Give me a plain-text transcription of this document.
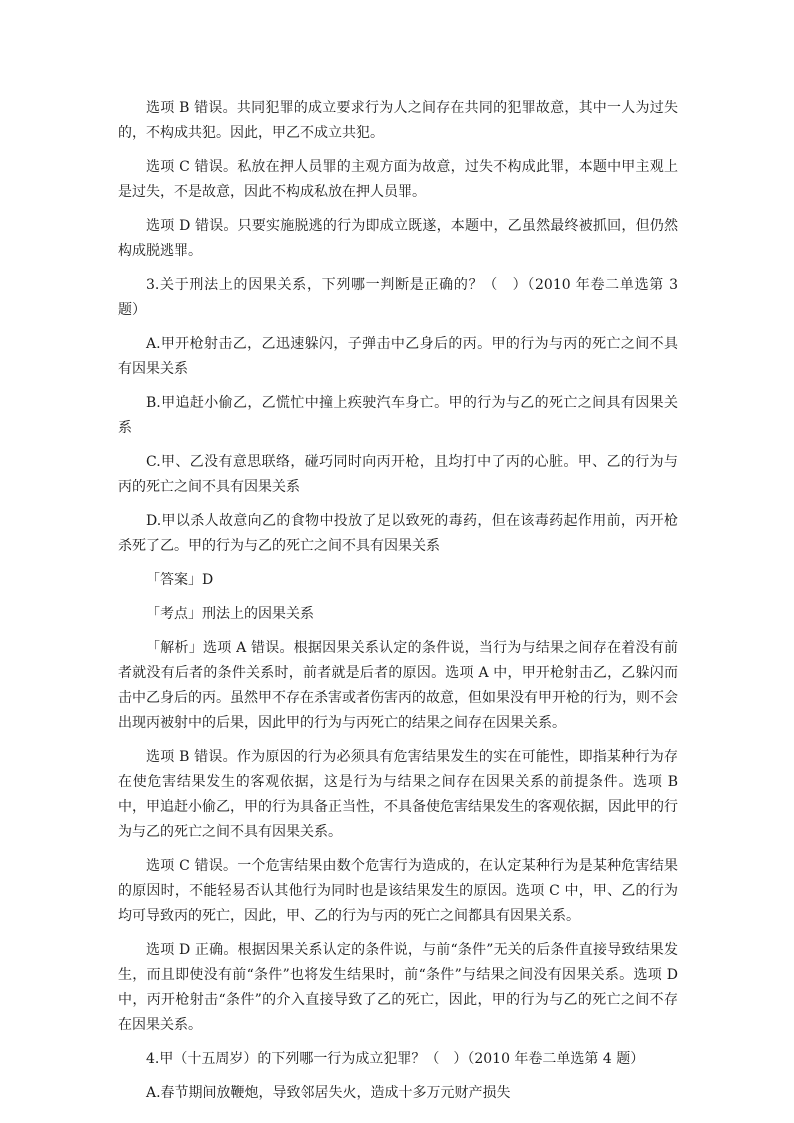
选项 B 错误。共同犯罪的成立要求行为人之间存在共同的犯罪故意，其中一人为过失的，不构成共犯。因此，甲乙不成立共犯。

选项 C 错误。私放在押人员罪的主观方面为故意，过失不构成此罪，本题中甲主观上是过失，不是故意，因此不构成私放在押人员罪。

选项 D 错误。只要实施脱逃的行为即成立既遂，本题中，乙虽然最终被抓回，但仍然构成脱逃罪。

3.关于刑法上的因果关系，下列哪一判断是正确的？（　）（2010 年卷二单选第 3 题）

A.甲开枪射击乙，乙迅速躲闪，子弹击中乙身后的丙。甲的行为与丙的死亡之间不具有因果关系

B.甲追赶小偷乙，乙慌忙中撞上疾驶汽车身亡。甲的行为与乙的死亡之间具有因果关系

C.甲、乙没有意思联络，碰巧同时向丙开枪，且均打中了丙的心脏。甲、乙的行为与丙的死亡之间不具有因果关系

D.甲以杀人故意向乙的食物中投放了足以致死的毒药，但在该毒药起作用前，丙开枪杀死了乙。甲的行为与乙的死亡之间不具有因果关系

「答案」D

「考点」刑法上的因果关系

「解析」选项 A 错误。根据因果关系认定的条件说，当行为与结果之间存在着没有前者就没有后者的条件关系时，前者就是后者的原因。选项 A 中，甲开枪射击乙，乙躲闪而击中乙身后的丙。虽然甲不存在杀害或者伤害丙的故意，但如果没有甲开枪的行为，则不会出现丙被射中的后果，因此甲的行为与丙死亡的结果之间存在因果关系。

选项 B 错误。作为原因的行为必须具有危害结果发生的实在可能性，即指某种行为存在使危害结果发生的客观依据，这是行为与结果之间存在因果关系的前提条件。选项 B 中，甲追赶小偷乙，甲的行为具备正当性，不具备使危害结果发生的客观依据，因此甲的行为与乙的死亡之间不具有因果关系。

选项 C 错误。一个危害结果由数个危害行为造成的，在认定某种行为是某种危害结果的原因时，不能轻易否认其他行为同时也是该结果发生的原因。选项 C 中，甲、乙的行为均可导致丙的死亡，因此，甲、乙的行为与丙的死亡之间都具有因果关系。

选项 D 正确。根据因果关系认定的条件说，与前“条件”无关的后条件直接导致结果发生，而且即使没有前“条件”也将发生结果时，前“条件”与结果之间没有因果关系。选项 D 中，丙开枪射击“条件”的介入直接导致了乙的死亡，因此，甲的行为与乙的死亡之间不存在因果关系。

4.甲（十五周岁）的下列哪一行为成立犯罪？（　）（2010 年卷二单选第 4 题）

A.春节期间放鞭炮，导致邻居失火，造成十多万元财产损失
